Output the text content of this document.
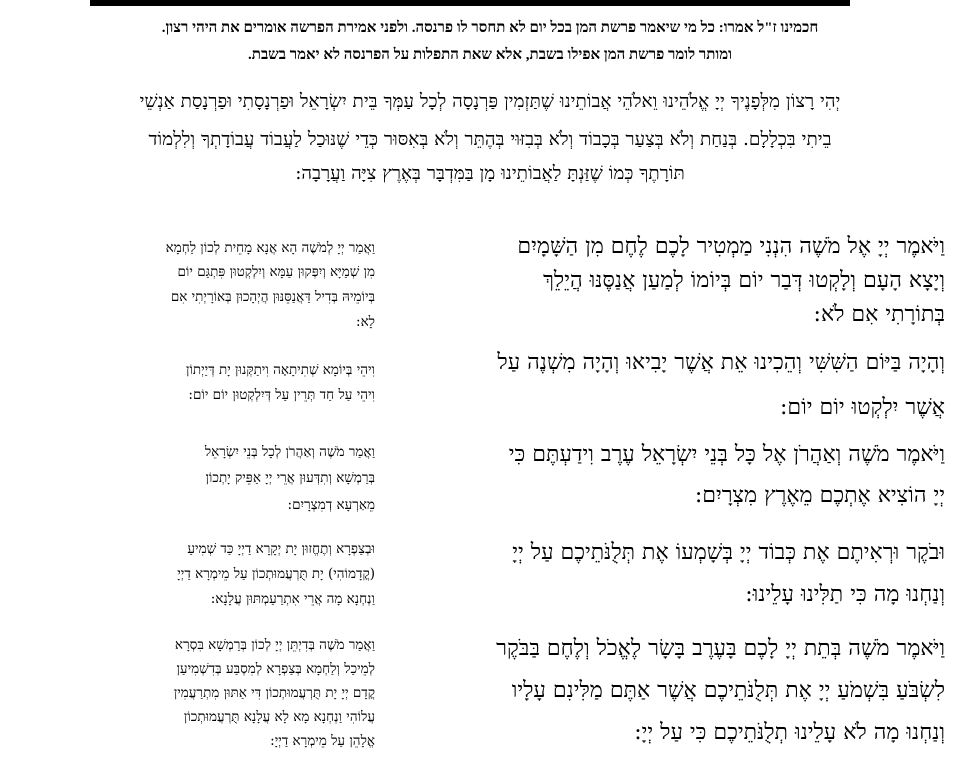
חכמינו ז"ל אמרו: כל מי שיאמר פרשת המן בכל יום לא תחסר לו פרנסה. ולפני אמירת הפרשה אומרים את היהי רצון.
ומותר לומר פרשת המן אפילו בשבת, אלא שאת התפלות על הפרנסה לא יאמר בשבת.
יְהִי רָצוֹן מִלְּפָנֶיךָ יְיָ אֱלֹהֵינוּ וֵאלֹהֵי אֲבוֹתֵינוּ שֶׁתַּזְמִין פַּרְנָסָה לְכָל עַמְּךָ בֵּית יִשְׂרָאֵל וּפַרְנָסָתִי וּפַרְנָסַת אַנְשֵׁי
בֵיתִי בִּכְלָלָם. בְּנַחַת וְלֹא בְּצַעַר בְּכָבוֹד וְלֹא בְּבִזּוּי בְּהֶתֵּר וְלֹא בְּאִסּוּר כְּדֵי שֶׁנּוּכַל לַעֲבוֹד עֲבוֹדָתְךָ וְלִלְמוֹד
תּוֹרָתֶךָ כְּמוֹ שֶׁזַּנְתָּ לַאֲבוֹתֵינוּ מָן בַּמִּדְבָּר בְּאֶרֶץ צִיָּה וַעֲרָבָה:
וַיֹּאמֶר יְיָ אֶל מֹשֶׁה הִנְנִי מַמְטִיר לָכֶם לֶחֶם מִן הַשָּׁמָיִם
וְיָצָא הָעָם וְלָקְטוּ דְּבַר יוֹם בְּיוֹמוֹ לְמַעַן אֲנַסֶּנּוּ הֲיֵלֵךְ
בְּתוֹרָתִי אִם לֹא:
וַאֲמַר יְיָ לְמֹשֶׁה הָא אֲנָא מָחֵית לְכוֹן לַחְמָא
מִן שְׁמַיָּא וְיִפְּקוּן עַמָּא וְיִלְקְטוּן פִּתְגַּם יוֹם
בְּיוֹמֵיהּ בְּדִיל דַּאֲנַסֵּנּוּן הֲיְהָכוּן בְּאוֹרָיְתִי אִם
לָא:
וְהָיָה בַּיּוֹם הַשִּׁשִּׁי וְהֵכִינוּ אֵת אֲשֶׁר יָבִיאוּ וְהָיָה מִשְׁנֶה עַל
אֲשֶׁר יִלְקְטוּ יוֹם יוֹם:
וִיהֵי בְּיוֹמָא שְׁתִיתָאָה וִיתַקְּנוּן יָת דְּיַיְתוֹן
וִיהֵי עַל חַד תְּרֵין עַל דְּיִלְקְטוּן יוֹם יוֹם:
וַיֹּאמֶר מֹשֶׁה וְאַהֲרֹן אֶל כָּל בְּנֵי יִשְׂרָאֵל עֶרֶב וִידַעְתֶּם כִּי
יְיָ הוֹצִיא אֶתְכֶם מֵאֶרֶץ מִצְרָיִם:
וַאֲמַר מֹשֶׁה וְאַהֲרֹן לְכָל בְּנֵי יִשְׂרָאֵל
בְּרַמְשָׁא וְתִדְּעוּן אֲרֵי יְיָ אַפֵּיק יָתְכוֹן
מֵאַרְעָא דְמִצְרָיִם:
וּבֹקֶר וּרְאִיתֶם אֶת כְּבוֹד יְיָ בְּשָׁמְעוֹ אֶת תְּלֻנֹּתֵיכֶם עַל יְיָ
וְנַחְנוּ מָה כִּי תַלִּינוּ עָלֵינוּ:
וּבְצַפְרָא וְתֶחֱזוּן יָת יְקָרָא דַיְיָ כַּד שְׁמִיעַ
(קֳדָמוֹהִי) יָת תֻּרְעֲמוּתְכוֹן עַל מֵימְרָא דַיְיָ
וַנְחְנָא מָה אֲרֵי אִתְרַעַמְתּוּן עֲלָנָא:
וַיֹּאמֶר מֹשֶׁה בְּתֵת יְיָ לָכֶם בָּעֶרֶב בָּשָׂר לֶאֱכֹל וְלֶחֶם בַּבֹּקֶר
לִשְׂבֹּעַ בִּשְׁמֹעַ יְיָ אֶת תְּלֻנֹּתֵיכֶם אֲשֶׁר אַתֶּם מַלִּינִם עָלָיו
וְנַחְנוּ מָה לֹא עָלֵינוּ תְלֻנֹּתֵיכֶם כִּי עַל יְיָ:
וַאֲמַר מֹשֶׁה בְּדִיְתֵּן יְיָ לְכוֹן בְּרַמְשָׁא בִּסְרָא
לְמֵיכַל וְלַחְמָא בְּצַפְרָא לְמִסְבַּע בְּדִשְׁמִיעַן
קֳדָם יְיָ יָת תֻּרְעֲמוּתְכוֹן דִּי אַתּוּן מִתְרַעֲמִין
עֲלוֹהִי וַנְחְנָא מָא לָא עֲלָנָא תֻּרְעֲמוּתְכוֹן
אֱלָהֵן עַל מֵימְרָא דַיְיָ:
